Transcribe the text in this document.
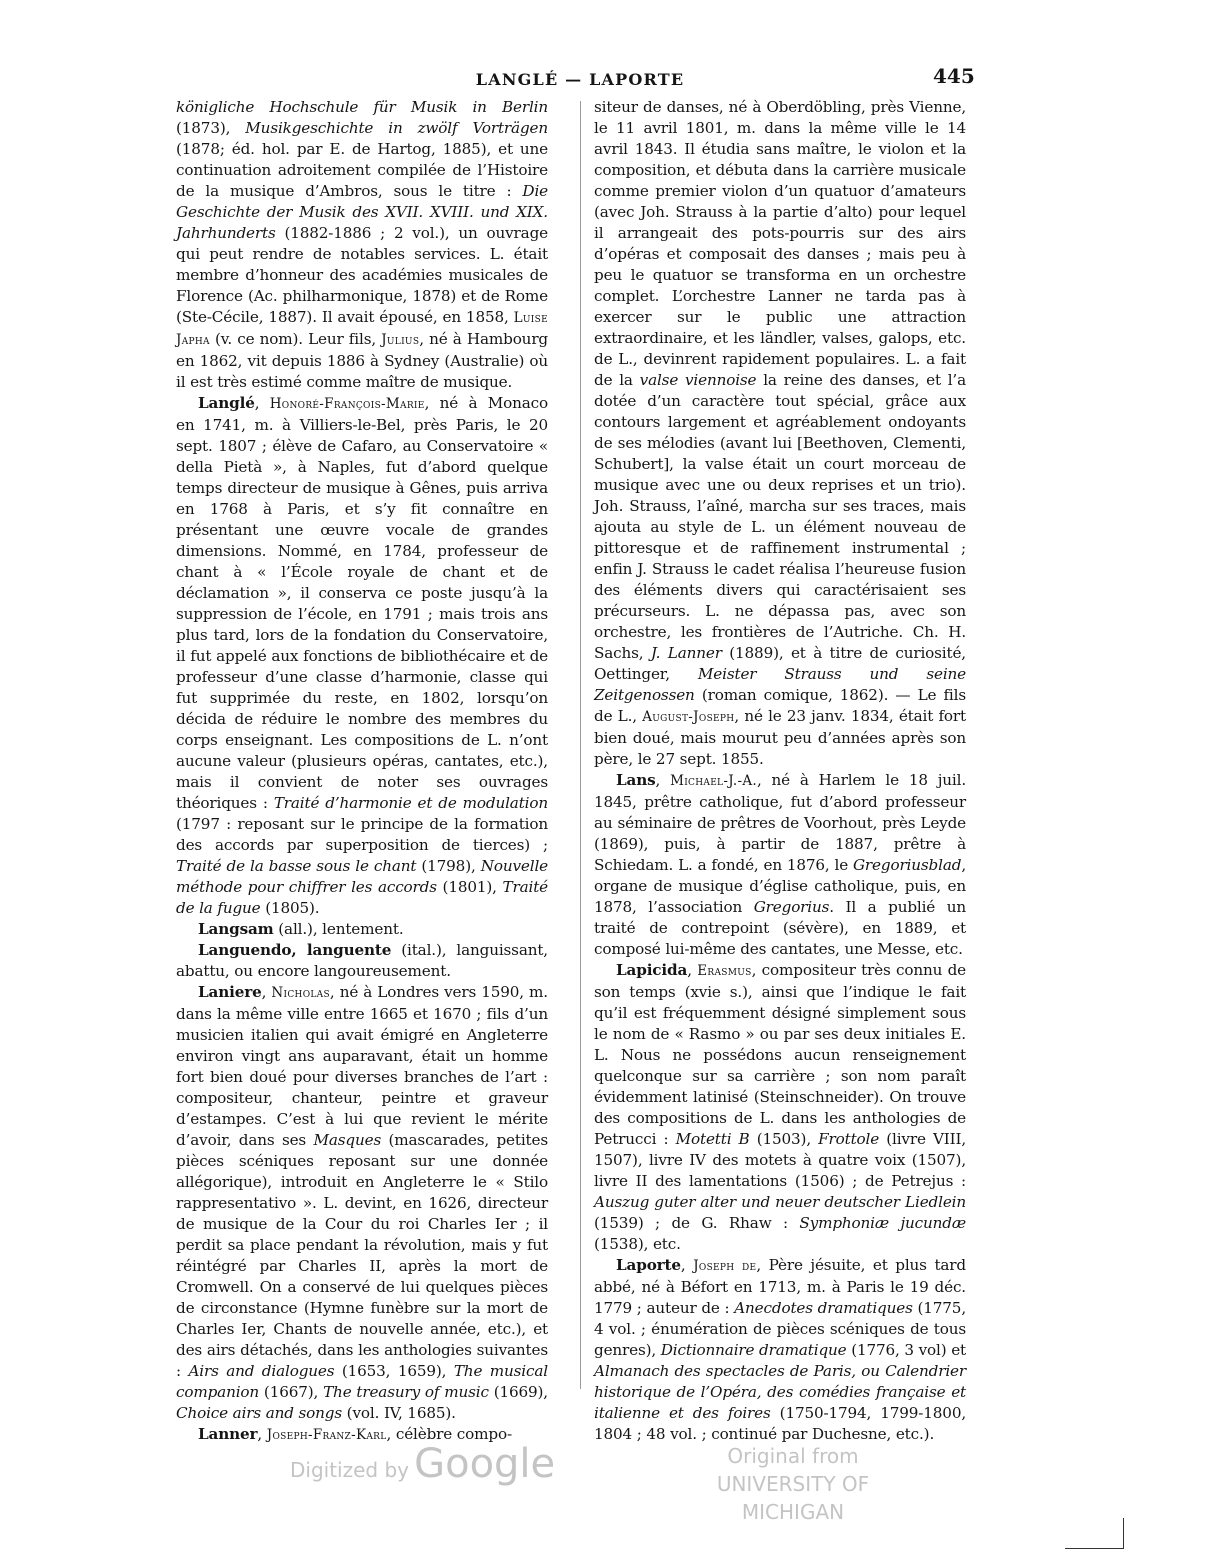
LANGLÉ — LAPORTE	445

königliche Hochschule für Musik in Berlin (1873), Musikgeschichte in zwölf Vorträgen (1878; éd. hol. par E. de Hartog, 1885), et une continuation adroitement compilée de l’Histoire de la musique d’Ambros, sous le titre : Die Geschichte der Musik des XVII. XVIII. und XIX. Jahrhunderts (1882-1886 ; 2 vol.), un ouvrage qui peut rendre de notables services. L. était membre d’honneur des académies musicales de Florence (Ac. philharmonique, 1878) et de Rome (Ste-Cécile, 1887). Il avait épousé, en 1858, Luise Japha (v. ce nom). Leur fils, Julius, né à Hambourg en 1862, vit depuis 1886 à Sydney (Australie) où il est très estimé comme maître de musique.

Langlé, Honoré-François-Marie, né à Monaco en 1741, m. à Villiers-le-Bel, près Paris, le 20 sept. 1807 ; élève de Cafaro, au Conservatoire « della Pietà », à Naples, fut d’abord quelque temps directeur de musique à Gênes, puis arriva en 1768 à Paris, et s’y fit connaître en présentant une œuvre vocale de grandes dimensions. Nommé, en 1784, professeur de chant à « l’École royale de chant et de déclamation », il conserva ce poste jusqu’à la suppression de l’école, en 1791 ; mais trois ans plus tard, lors de la fondation du Conservatoire, il fut appelé aux fonctions de bibliothécaire et de professeur d’une classe d’harmonie, classe qui fut supprimée du reste, en 1802, lorsqu’on décida de réduire le nombre des membres du corps enseignant. Les compositions de L. n’ont aucune valeur (plusieurs opéras, cantates, etc.), mais il convient de noter ses ouvrages théoriques : Traité d’harmonie et de modulation (1797 : reposant sur le principe de la formation des accords par superposition de tierces) ; Traité de la basse sous le chant (1798), Nouvelle méthode pour chiffrer les accords (1801), Traité de la fugue (1805).

Langsam (all.), lentement.

Languendo, languente (ital.), languissant, abattu, ou encore langoureusement.

Laniere, Nicholas, né à Londres vers 1590, m. dans la même ville entre 1665 et 1670 ; fils d’un musicien italien qui avait émigré en Angleterre environ vingt ans auparavant, était un homme fort bien doué pour diverses branches de l’art : compositeur, chanteur, peintre et graveur d’estampes. C’est à lui que revient le mérite d’avoir, dans ses Masques (mascarades, petites pièces scéniques reposant sur une donnée allégorique), introduit en Angleterre le « Stilo rappresentativo ». L. devint, en 1626, directeur de musique de la Cour du roi Charles Ier ; il perdit sa place pendant la révolution, mais y fut réintégré par Charles II, après la mort de Cromwell. On a conservé de lui quelques pièces de circonstance (Hymne funèbre sur la mort de Charles Ier, Chants de nouvelle année, etc.), et des airs détachés, dans les anthologies suivantes : Airs and dialogues (1653, 1659), The musical companion (1667), The treasury of music (1669), Choice airs and songs (vol. IV, 1685).

Lanner, Joseph-Franz-Karl, célèbre compo-

siteur de danses, né à Oberdöbling, près Vienne, le 11 avril 1801, m. dans la même ville le 14 avril 1843. Il étudia sans maître, le violon et la composition, et débuta dans la carrière musicale comme premier violon d’un quatuor d’amateurs (avec Joh. Strauss à la partie d’alto) pour lequel il arrangeait des pots-pourris sur des airs d’opéras et composait des danses ; mais peu à peu le quatuor se transforma en un orchestre complet. L’orchestre Lanner ne tarda pas à exercer sur le public une attraction extraordinaire, et les ländler, valses, galops, etc. de L., devinrent rapidement populaires. L. a fait de la valse viennoise la reine des danses, et l’a dotée d’un caractère tout spécial, grâce aux contours largement et agréablement ondoyants de ses mélodies (avant lui [Beethoven, Clementi, Schubert], la valse était un court morceau de musique avec une ou deux reprises et un trio). Joh. Strauss, l’aîné, marcha sur ses traces, mais ajouta au style de L. un élément nouveau de pittoresque et de raffinement instrumental ; enfin J. Strauss le cadet réalisa l’heureuse fusion des éléments divers qui caractérisaient ses précurseurs. L. ne dépassa pas, avec son orchestre, les frontières de l’Autriche. Ch. H. Sachs, J. Lanner (1889), et à titre de curiosité, Oettinger, Meister Strauss und seine Zeitgenossen (roman comique, 1862). — Le fils de L., August-Joseph, né le 23 janv. 1834, était fort bien doué, mais mourut peu d’années après son père, le 27 sept. 1855.

Lans, Michael-J.-A., né à Harlem le 18 juil. 1845, prêtre catholique, fut d’abord professeur au séminaire de prêtres de Voorhout, près Leyde (1869), puis, à partir de 1887, prêtre à Schiedam. L. a fondé, en 1876, le Gregoriusblad, organe de musique d’église catholique, puis, en 1878, l’association Gregorius. Il a publié un traité de contrepoint (sévère), en 1889, et composé lui-même des cantates, une Messe, etc.

Lapicida, Erasmus, compositeur très connu de son temps (xvie s.), ainsi que l’indique le fait qu’il est fréquemment désigné simplement sous le nom de « Rasmo » ou par ses deux initiales E. L. Nous ne possédons aucun renseignement quelconque sur sa carrière ; son nom paraît évidemment latinisé (Steinschneider). On trouve des compositions de L. dans les anthologies de Petrucci : Motetti B (1503), Frottole (livre VIII, 1507), livre IV des motets à quatre voix (1507), livre II des lamentations (1506) ; de Petrejus : Auszug guter alter und neuer deutscher Liedlein (1539) ; de G. Rhaw : Symphoniæ jucundæ (1538), etc.

Laporte, Joseph de, Père jésuite, et plus tard abbé, né à Béfort en 1713, m. à Paris le 19 déc. 1779 ; auteur de : Anecdotes dramatiques (1775, 4 vol. ; énumération de pièces scéniques de tous genres), Dictionnaire dramatique (1776, 3 vol) et Almanach des spectacles de Paris, ou Calendrier historique de l’Opéra, des comédies française et italienne et des foires (1750-1794, 1799-1800, 1804 ; 48 vol. ; continué par Duchesne, etc.).

Digitized by Google	Original from
UNIVERSITY OF MICHIGAN
